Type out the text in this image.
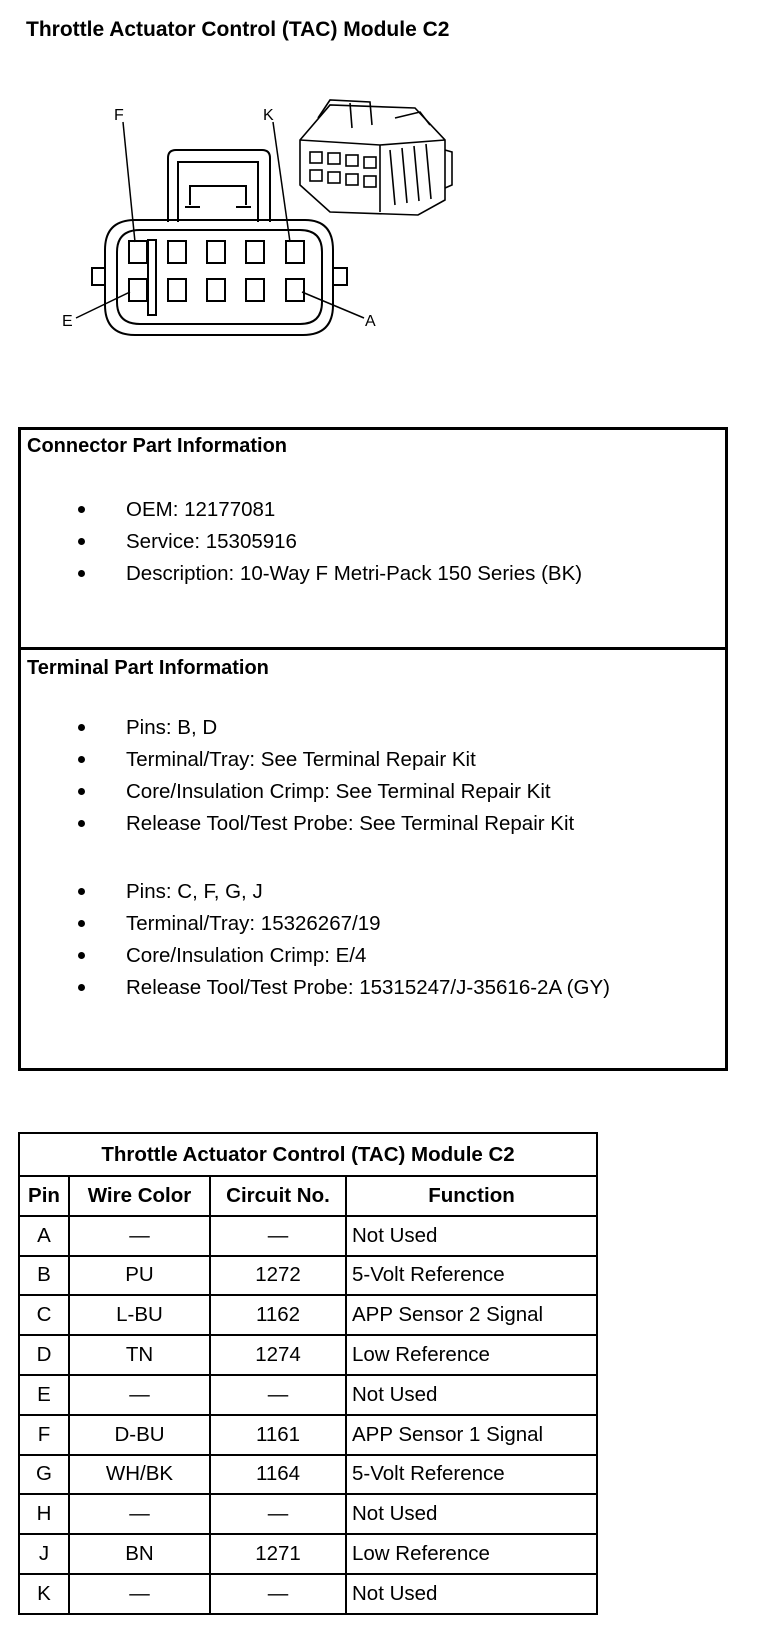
Throttle Actuator Control (TAC) Module C2
F	K
E	A
Connector Part Information
OEM: 12177081
Service: 15305916
Description: 10-Way F Metri-Pack 150 Series (BK)
Terminal Part Information
Pins: B, D
Terminal/Tray: See Terminal Repair Kit
Core/Insulation Crimp: See Terminal Repair Kit
Release Tool/Test Probe: See Terminal Repair Kit
Pins: C, F, G, J
Terminal/Tray: 15326267/19
Core/Insulation Crimp: E/4
Release Tool/Test Probe: 15315247/J-35616-2A (GY)
Throttle Actuator Control (TAC) Module C2			
Pin	Wire Color	Circuit No.	Function
A	—	—	Not Used
B	PU	1272	5-Volt Reference
C	L-BU	1162	APP Sensor 2 Signal
D	TN	1274	Low Reference
E	—	—	Not Used
F	D-BU	1161	APP Sensor 1 Signal
G	WH/BK	1164	5-Volt Reference
H	—	—	Not Used
J	BN	1271	Low Reference
K	—	—	Not Used
